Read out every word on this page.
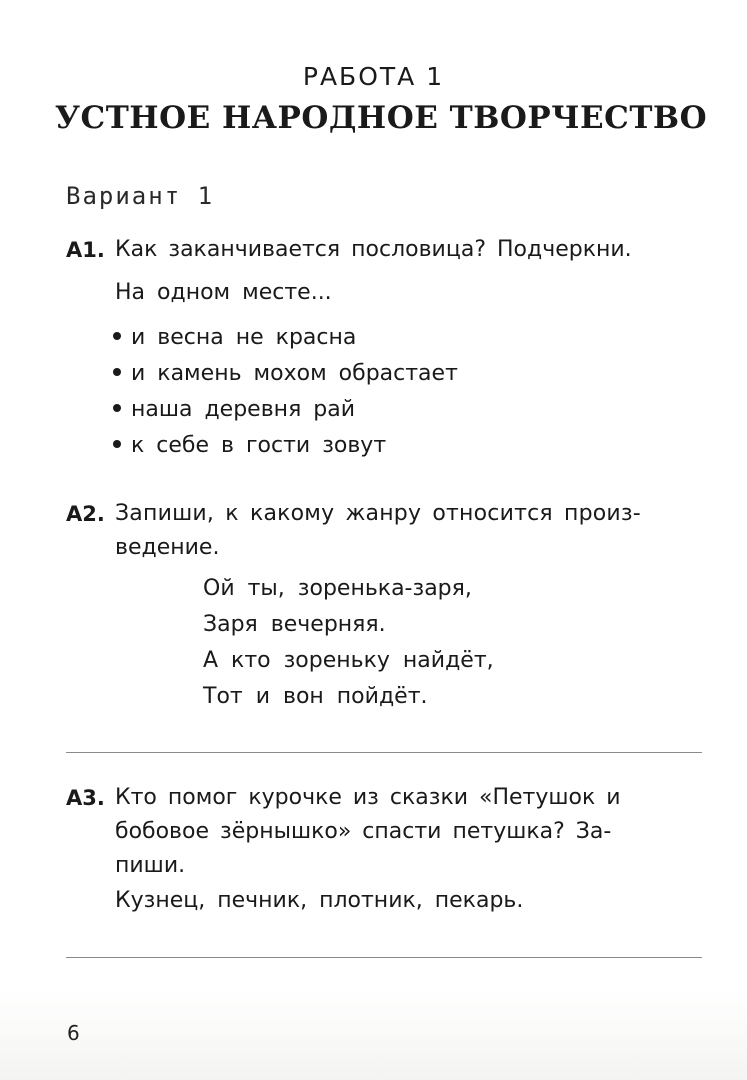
РАБОТА 1
УСТНОЕ НАРОДНОЕ ТВОРЧЕСТВО
Вариант 1
А1. Как заканчивается пословица? Подчеркни.
На одном месте...
и весна не красна
и камень мохом обрастает
наша деревня рай
к себе в гости зовут
А2. Запиши, к какому жанру относится произ-
ведение.
Ой ты, зоренька-заря,
Заря вечерняя.
А кто зореньку найдёт,
Тот и вон пойдёт.
А3. Кто помог курочке из сказки «Петушок и
бобовое зёрнышко» спасти петушка? За-
пиши.
Кузнец, печник, плотник, пекарь.
6
